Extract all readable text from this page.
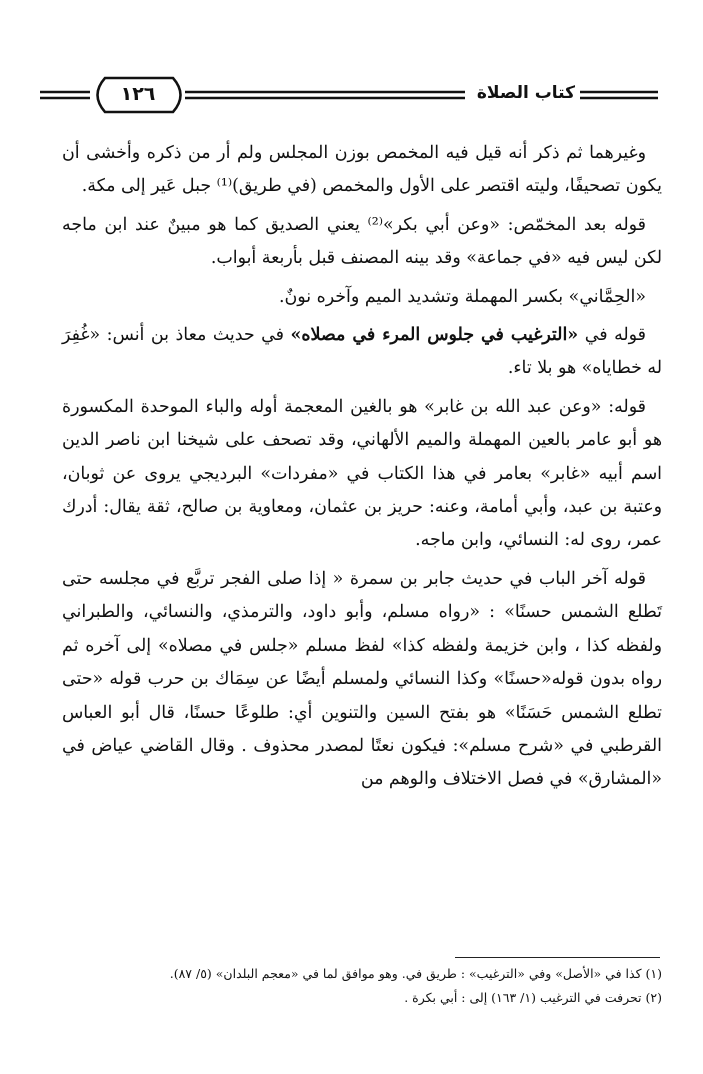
كتاب الصلاة
١٢٦

وغيرهما ثم ذكر أنه قيل فيه المخمص بوزن المجلس ولم أر من ذكره وأخشى أن يكون تصحيفًا، وليته اقتصر على الأول والمخمص (في طريق)⁽¹⁾ جبل عَير إلى مكة.

قوله بعد المخمّص: «وعن أبي بكر»⁽²⁾ يعني الصديق كما هو مبينٌ عند ابن ماجه لكن ليس فيه «في جماعة» وقد بينه المصنف قبل بأربعة أبواب.

«الحِمَّاني» بكسر المهملة وتشديد الميم وآخره نونٌ.

قوله في «الترغيب في جلوس المرء في مصلاه» في حديث معاذ بن أنس: «غُفِرَ له خطاياه» هو بلا تاء.

قوله: «وعن عبد الله بن غابر» هو بالغين المعجمة أوله والباء الموحدة المكسورة هو أبو عامر بالعين المهملة والميم الألهاني، وقد تصحف على شيخنا ابن ناصر الدين اسم أبيه «غابر» بعامر في هذا الكتاب في «مفردات» البرديجي يروى عن ثوبان، وعتبة بن عبد، وأبي أمامة، وعنه: حريز بن عثمان، ومعاوية بن صالح، ثقة يقال: أدرك عمر، روى له: النسائي، وابن ماجه.

قوله آخر الباب في حديث جابر بن سمرة « إذا صلى الفجر تربَّع في مجلسه حتى تَطلع الشمس حسنًا» : «رواه مسلم، وأبو داود، والترمذي، والنسائي، والطبراني ولفظه كذا ، وابن خزيمة ولفظه كذا» لفظ مسلم «جلس في مصلاه» إلى آخره ثم رواه بدون قوله«حسنًا» وكذا النسائي ولمسلم أيضًا عن سِمَاك بن حرب قوله «حتى تطلع الشمس حَسَنًا» هو بفتح السين والتنوين أي: طلوعًا حسنًا، قال أبو العباس القرطبي في «شرح مسلم»: فيكون نعتًا لمصدر محذوف . وقال القاضي عياض في «المشارق» في فصل الاختلاف والوهم من

(١) كذا في «الأصل» وفي «الترغيب» : طريق في. وهو موافق لما في «معجم البلدان» (٥/ ٨٧).
(٢) تحرفت في الترغيب (١/ ١٦٣) إلى : أبي بكرة .
